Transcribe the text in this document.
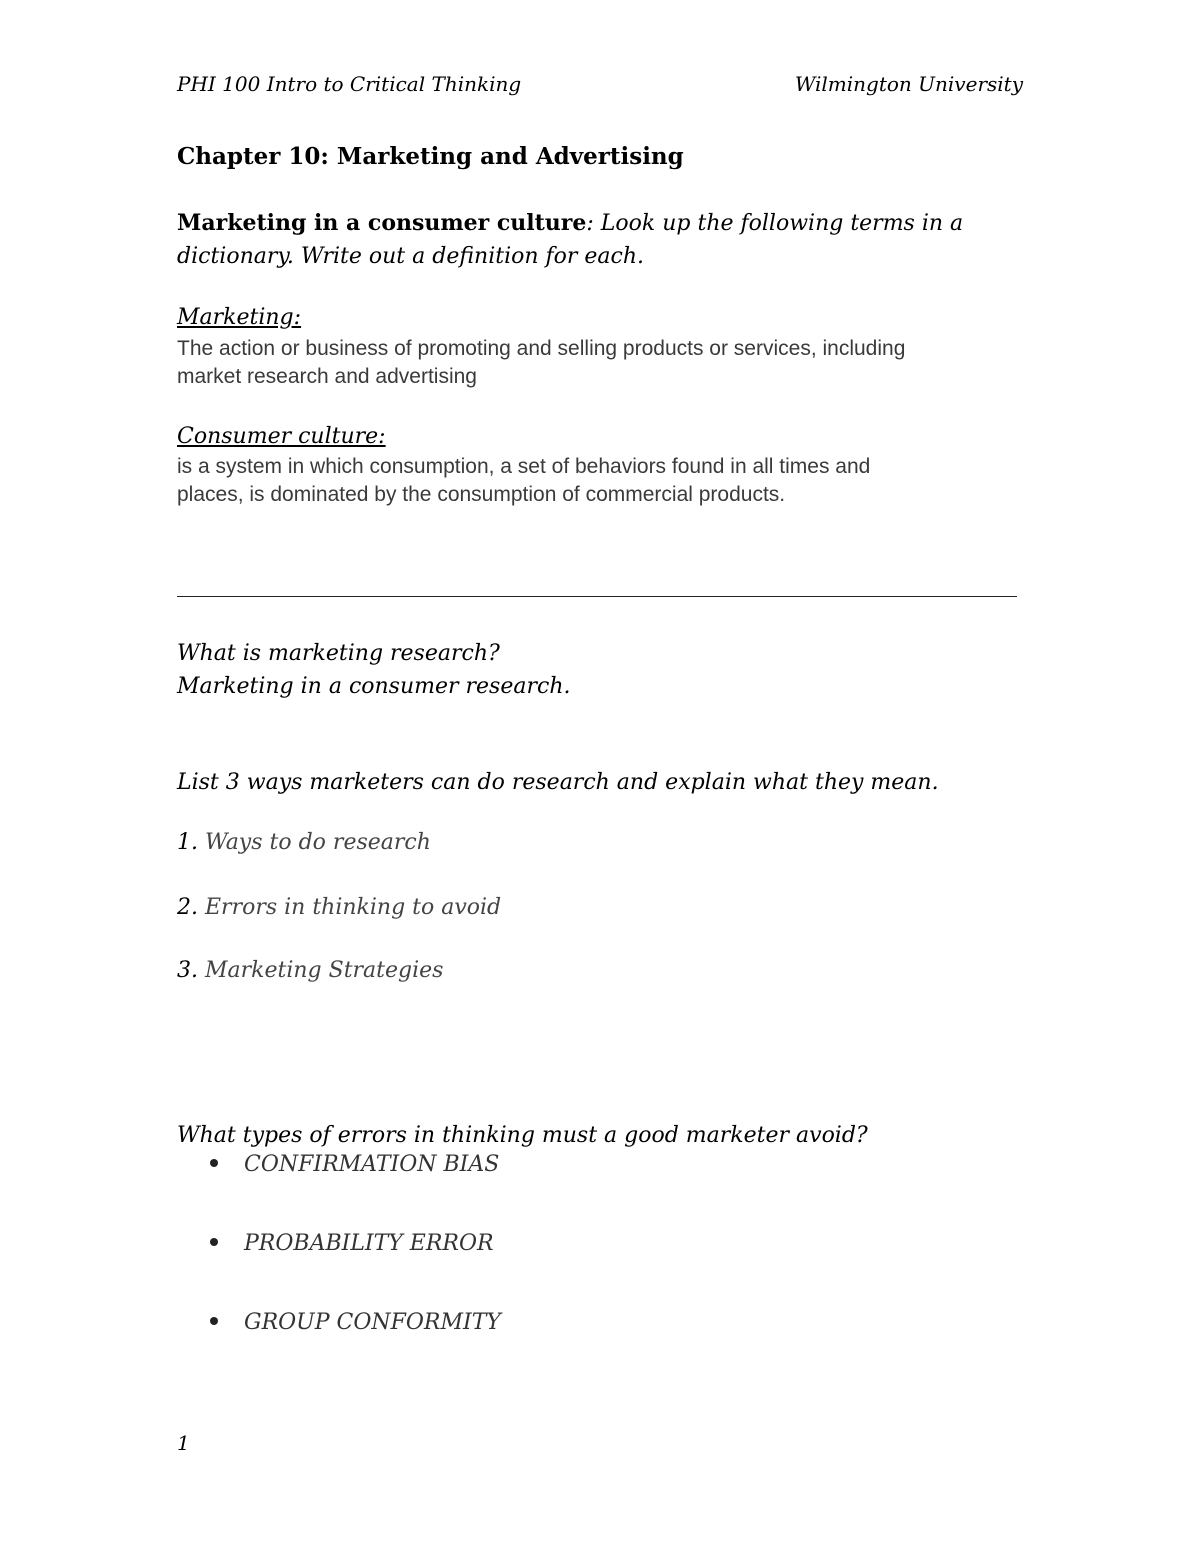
PHI 100 Intro to Critical Thinking	Wilmington University

Chapter 10: Marketing and Advertising
Marketing in a consumer culture: Look up the following terms in a
dictionary. Write out a definition for each.

Marketing:

The action or business of promoting and selling products or services, including
market research and advertising

Consumer culture:

is a system in which consumption, a set of behaviors found in all times and
places, is dominated by the consumption of commercial products.
What is marketing research?
Marketing in a consumer research.

List 3 ways marketers can do research and explain what they mean.

1. Ways to do research

2. Errors in thinking to avoid

3. Marketing Strategies

What types of errors in thinking must a good marketer avoid?

CONFIRMATION BIAS

PROBABILITY ERROR

GROUP CONFORMITY

1
